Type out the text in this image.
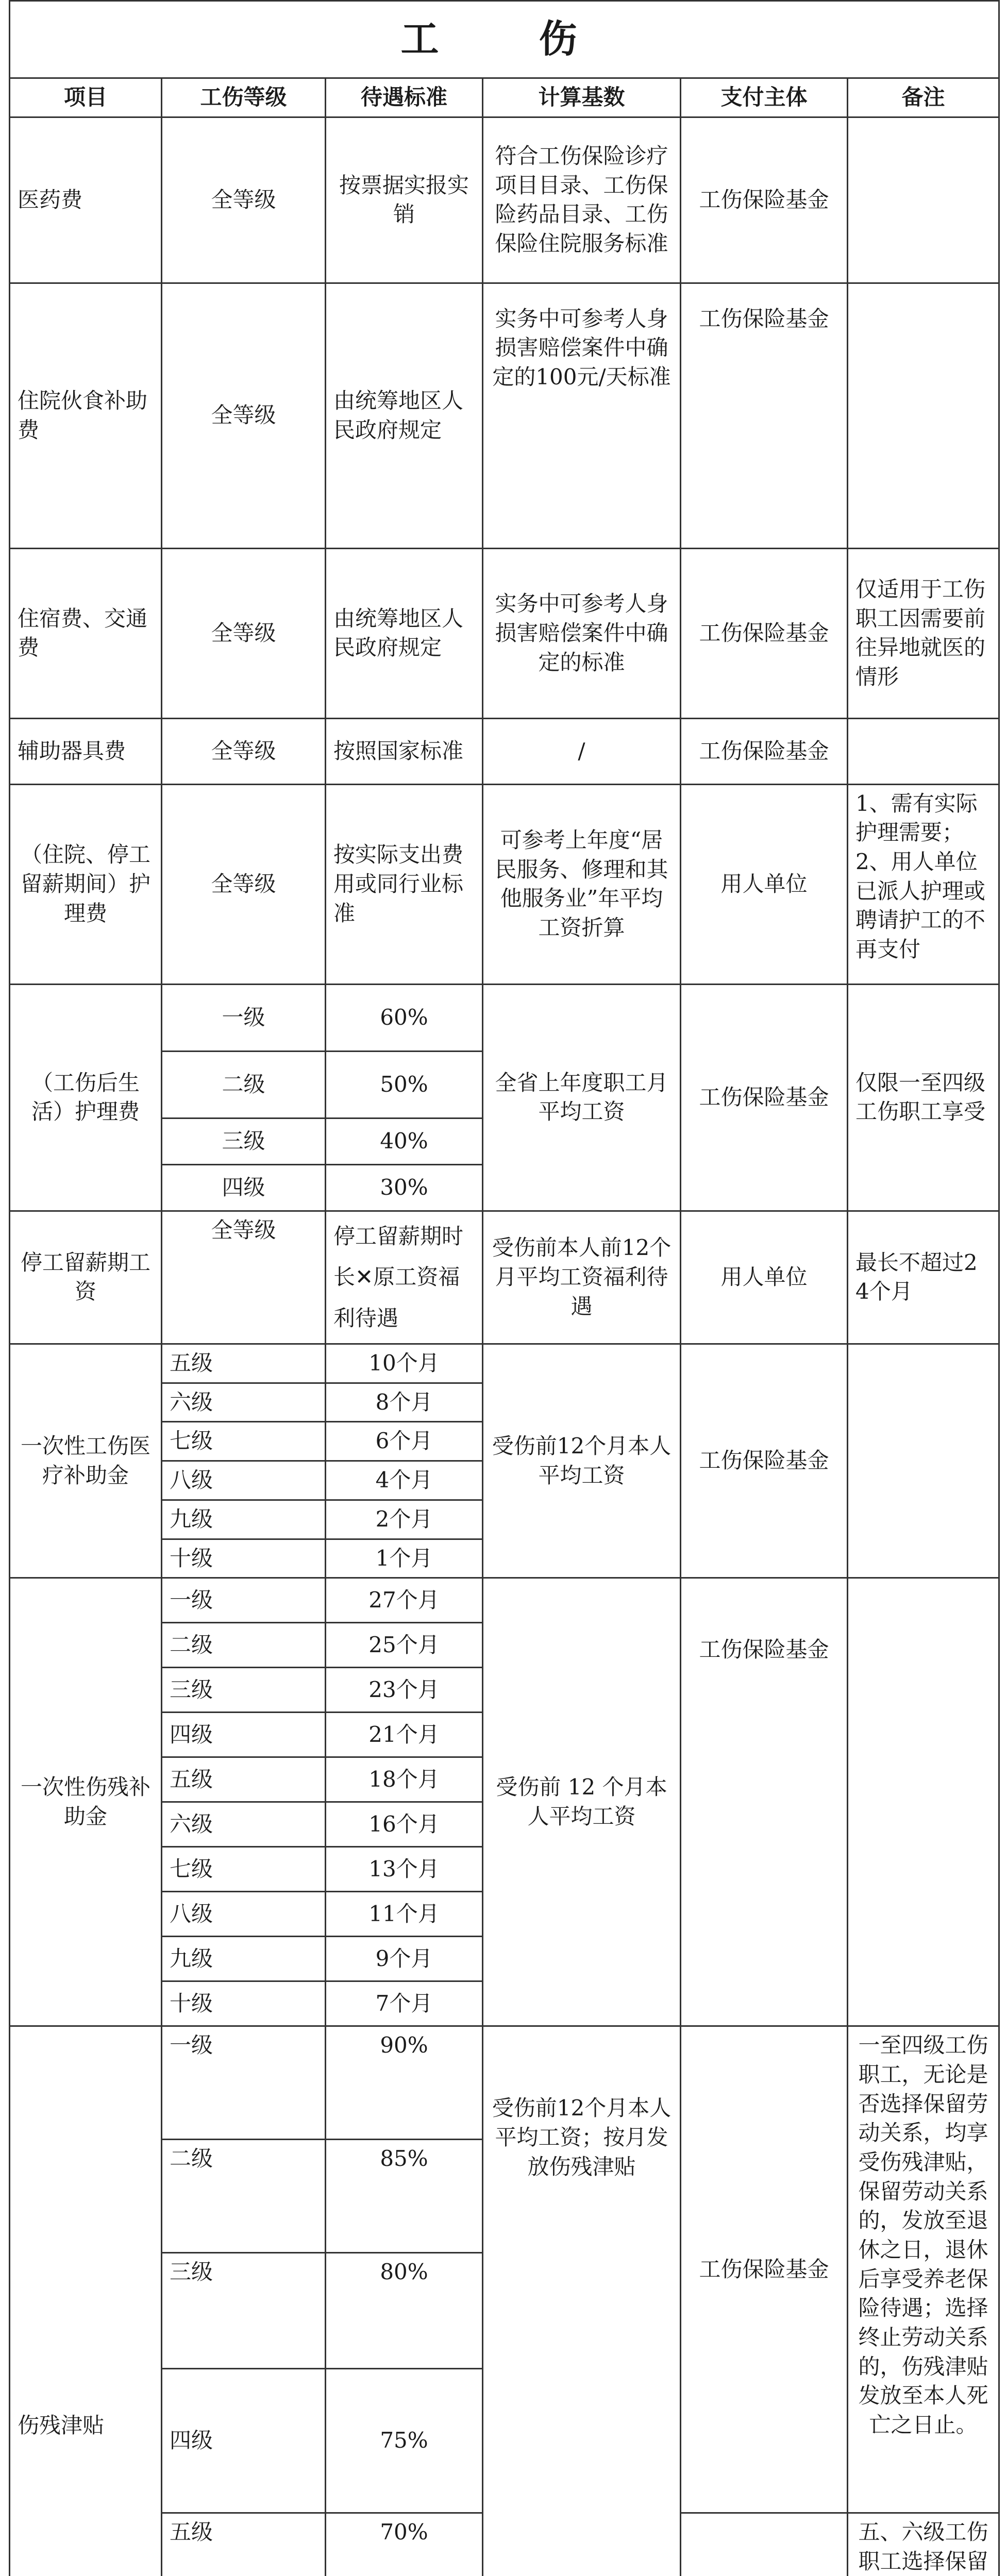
工　伤					
项目	工伤等级	待遇标准	计算基数	支付主体	备注
医药费	全等级	按票据实报实销	符合工伤保险诊疗项目目录、工伤保险药品目录、工伤保险住院服务标准	工伤保险基金	
住院伙食补助费	全等级	由统筹地区人民政府规定	实务中可参考人身损害赔偿案件中确定的100元/天标准	工伤保险基金	
住宿费、交通费	全等级	由统筹地区人民政府规定	实务中可参考人身损害赔偿案件中确定的标准	工伤保险基金	仅适用于工伤职工因需要前往异地就医的情形
辅助器具费	全等级	按照国家标准	/	工伤保险基金	
（住院、停工留薪期间）护理费	全等级	按实际支出费用或同行业标准	可参考上年度“居民服务、修理和其他服务业”年平均工资折算	用人单位	1、需有实际护理需要；2、用人单位已派人护理或聘请护工的不再支付
（工伤后生活）护理费	一级	60%	全省上年度职工月平均工资	工伤保险基金	仅限一至四级工伤职工享受
	二级	50%			
	三级	40%			
	四级	30%			
停工留薪期工资	全等级	停工留薪期时长✕原工资福利待遇	受伤前本人前12个月平均工资福利待遇	用人单位	最长不超过24个月
一次性工伤医疗补助金	五级	10个月	受伤前12个月本人平均工资	工伤保险基金	
	六级	8个月			
	七级	6个月			
	八级	4个月			
	九级	2个月			
	十级	1个月			
一次性伤残补助金	一级	27个月	受伤前 12 个月本人平均工资	工伤保险基金	
	二级	25个月			
	三级	23个月			
	四级	21个月			
	五级	18个月			
	六级	16个月			
	七级	13个月			
	八级	11个月			
	九级	9个月			
	十级	7个月			
伤残津贴	一级	90%	受伤前12个月本人平均工资；按月发放伤残津贴	工伤保险基金	一至四级工伤职工，无论是否选择保留劳动关系，均享受伤残津贴，保留劳动关系的，发放至退休之日，退休后享受养老保险待遇；选择终止劳动关系的，伤残津贴发放至本人死亡之日止。
	二级	85%			
	三级	80%			
	四级	75%			
	五级	70%			五、六级工伤职工选择保留
